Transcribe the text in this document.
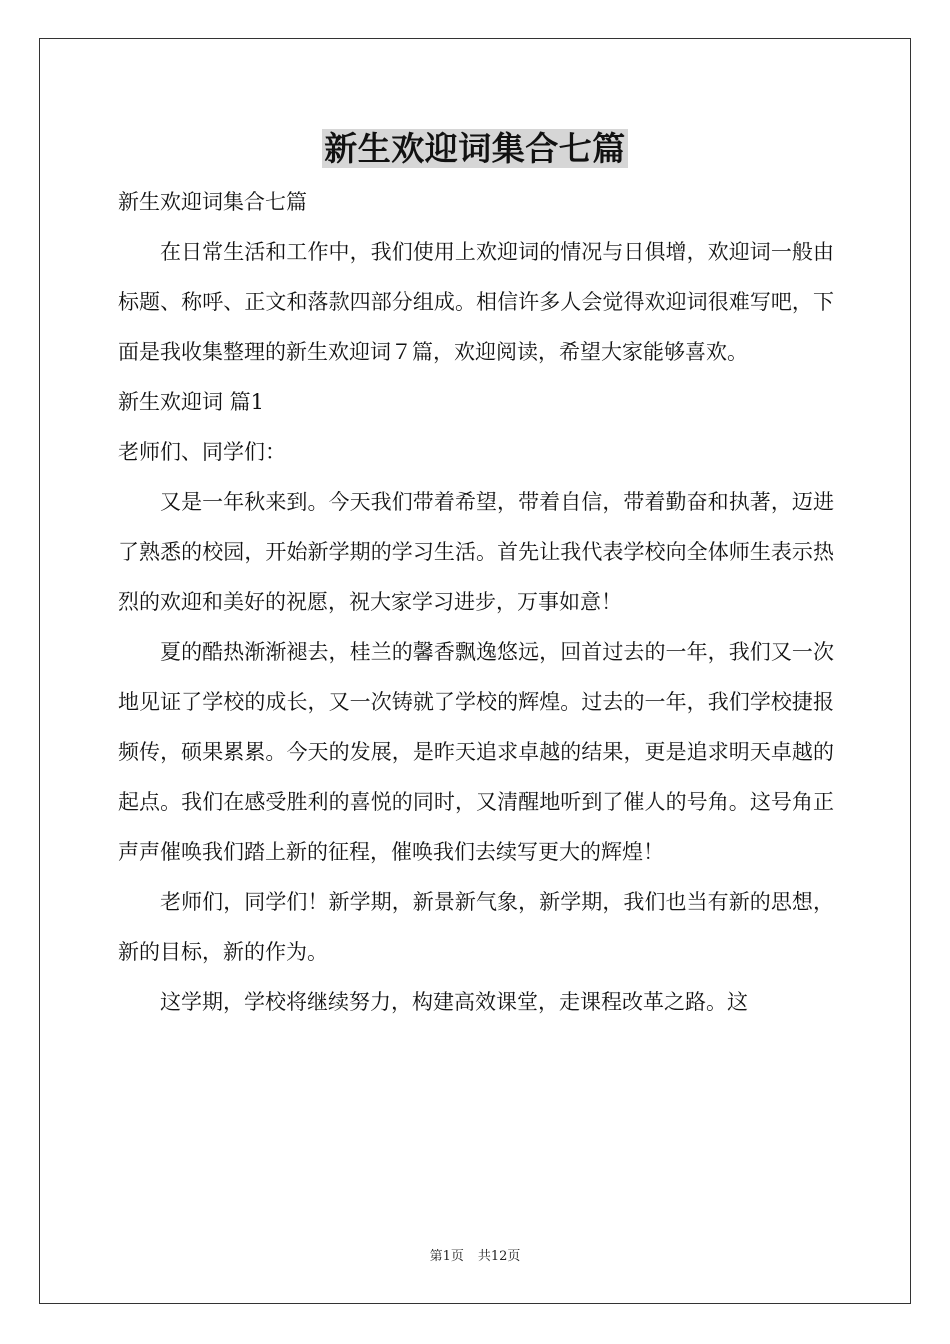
新生欢迎词集合七篇

新生欢迎词集合七篇

在日常生活和工作中，我们使用上欢迎词的情况与日俱增，欢迎词一般由标题、称呼、正文和落款四部分组成。相信许多人会觉得欢迎词很难写吧，下面是我收集整理的新生欢迎词７篇，欢迎阅读，希望大家能够喜欢。

新生欢迎词 篇1

老师们、同学们：

又是一年秋来到。今天我们带着希望，带着自信，带着勤奋和执著，迈进了熟悉的校园，开始新学期的学习生活。首先让我代表学校向全体师生表示热烈的欢迎和美好的祝愿，祝大家学习进步，万事如意！

夏的酷热渐渐褪去，桂兰的馨香飘逸悠远，回首过去的一年，我们又一次地见证了学校的成长，又一次铸就了学校的辉煌。过去的一年，我们学校捷报频传，硕果累累。今天的发展，是昨天追求卓越的结果，更是追求明天卓越的起点。我们在感受胜利的喜悦的同时，又清醒地听到了催人的号角。这号角正声声催唤我们踏上新的征程，催唤我们去续写更大的辉煌！

老师们，同学们！新学期，新景新气象，新学期，我们也当有新的思想，新的目标，新的作为。

这学期，学校将继续努力，构建高效课堂，走课程改革之路。这

第1页 共12页
